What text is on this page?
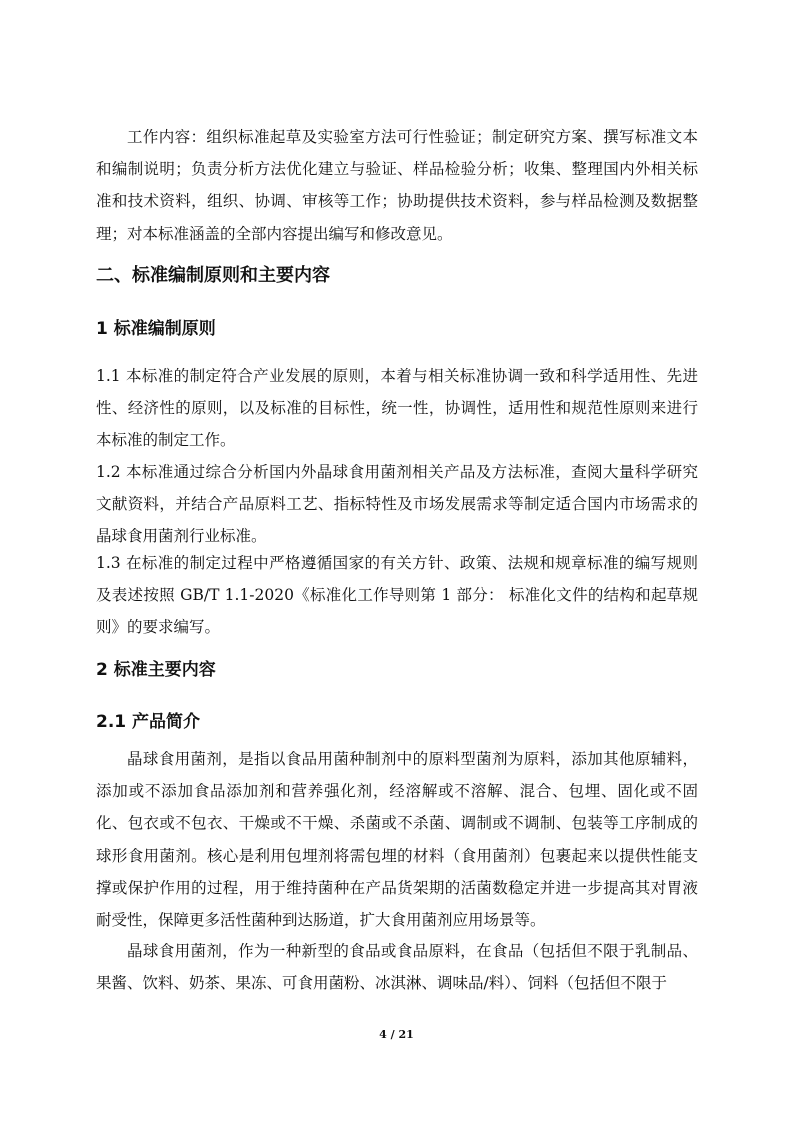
工作内容：组织标准起草及实验室方法可行性验证；制定研究方案、撰写标准文本和编制说明；负责分析方法优化建立与验证、样品检验分析；收集、整理国内外相关标准和技术资料，组织、协调、审核等工作；协助提供技术资料，参与样品检测及数据整理；对本标准涵盖的全部内容提出编写和修改意见。

二、标准编制原则和主要内容
1 标准编制原则

1.1 本标准的制定符合产业发展的原则，本着与相关标准协调一致和科学适用性、先进性、经济性的原则，以及标准的目标性，统一性，协调性，适用性和规范性原则来进行本标准的制定工作。

1.2 本标准通过综合分析国内外晶球食用菌剂相关产品及方法标准，查阅大量科学研究文献资料，并结合产品原料工艺、指标特性及市场发展需求等制定适合国内市场需求的晶球食用菌剂行业标准。

1.3 在标准的制定过程中严格遵循国家的有关方针、政策、法规和规章标准的编写规则及表述按照 GB/T 1.1-2020《标准化工作导则第 1 部分： 标准化文件的结构和起草规则》的要求编写。

2 标准主要内容
2.1 产品简介

晶球食用菌剂，是指以食品用菌种制剂中的原料型菌剂为原料，添加其他原辅料，添加或不添加食品添加剂和营养强化剂，经溶解或不溶解、混合、包埋、固化或不固化、包衣或不包衣、干燥或不干燥、杀菌或不杀菌、调制或不调制、包装等工序制成的球形食用菌剂。核心是利用包埋剂将需包埋的材料（食用菌剂）包裹起来以提供性能支撑或保护作用的过程，用于维持菌种在产品货架期的活菌数稳定并进一步提高其对胃液耐受性，保障更多活性菌种到达肠道，扩大食用菌剂应用场景等。

晶球食用菌剂，作为一种新型的食品或食品原料，在食品（包括但不限于乳制品、果酱、饮料、奶茶、果冻、可食用菌粉、冰淇淋、调味品/料）、饲料（包括但不限于

4 / 21
